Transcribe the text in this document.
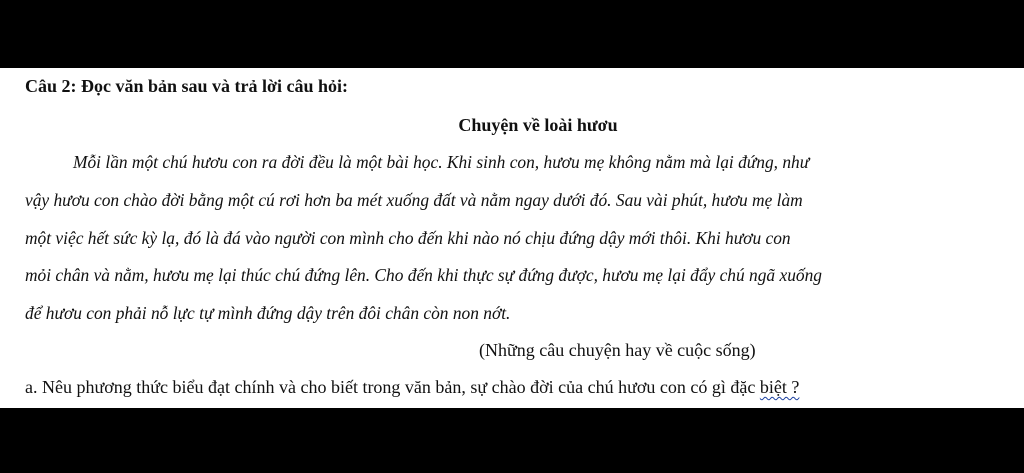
Câu 2: Đọc văn bản sau và trả lời câu hỏi:
Chuyện về loài hươu
Mỗi lần một chú hươu con ra đời đều là một bài học. Khi sinh con, hươu mẹ không nằm mà lại đứng, như
vậy hươu con chào đời bằng một cú rơi hơn ba mét xuống đất và nằm ngay dưới đó. Sau vài phút, hươu mẹ làm
một việc hết sức kỳ lạ, đó là đá vào người con mình cho đến khi nào nó chịu đứng dậy mới thôi. Khi hươu con
mỏi chân và nằm, hươu mẹ lại thúc chú đứng lên. Cho đến khi thực sự đứng được, hươu mẹ lại đẩy chú ngã xuống
để hươu con phải nỗ lực tự mình đứng dậy trên đôi chân còn non nớt.
(Những câu chuyện hay về cuộc sống)
a. Nêu phương thức biểu đạt chính và cho biết trong văn bản, sự chào đời của chú hươu con có gì đặc biệt ?
